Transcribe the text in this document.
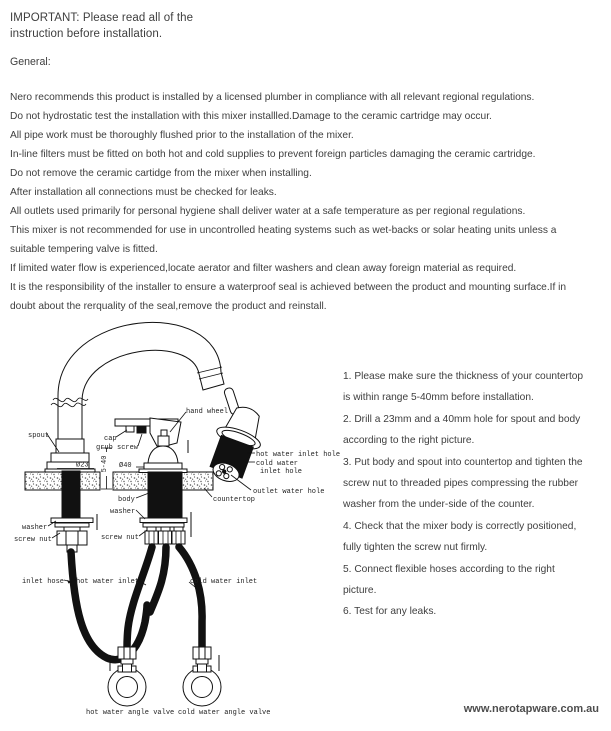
IMPORTANT: Please read all of the
instruction before installation.
General:
Nero recommends this product is installed by a licensed plumber in compliance with all relevant regional regulations.
Do not hydrostatic test the installation with this mixer installled.Damage to the ceramic cartridge may occur.
All pipe work must be thoroughly flushed prior to the installation of the mixer.
In-line filters must be fitted on both hot and cold supplies to prevent foreign particles damaging the ceramic cartridge.
Do not remove the ceramic cartidge from the mixer when installing.
After installation all connections must be checked for leaks.
All outlets used primarily for personal hygiene shall deliver water at a safe temperature as per regional regulations.
This mixer is not recommended for use in uncontrolled heating systems such as wet-backs or solar heating units unless a
suitable tempering valve is fitted.
If limited water flow is experienced,locate aerator and filter washers and clean away foreign material as required.
It is the responsibility of the installer to ensure a waterproof seal is achieved between the product and mounting surface.If in
doubt about the rerquality of the seal,remove the product and reinstall.
Ø23 5-40 Ø40
spout
hand wheel
cap
grub screw
body
washer
countertop
washer
screw nut	screw nut
inlet hose hot water inlet	cold water inlet
hot water inlet hole
cold water
inlet hole
outlet water hole
hot water angle valve cold water angle valve
1. Please make sure the thickness of your countertop
is within range 5-40mm before installation.
2. Drill a 23mm and a 40mm hole for spout and body
according to the right picture.
3. Put body and spout into countertop and tighten the
screw nut to threaded pipes compressing the rubber
washer from the under-side of the counter.
4. Check that the mixer body is correctly positioned,
fully tighten the screw nut firmly.
5. Connect flexible hoses according to the right
picture.
6. Test for any leaks.
www.nerotapware.com.au
